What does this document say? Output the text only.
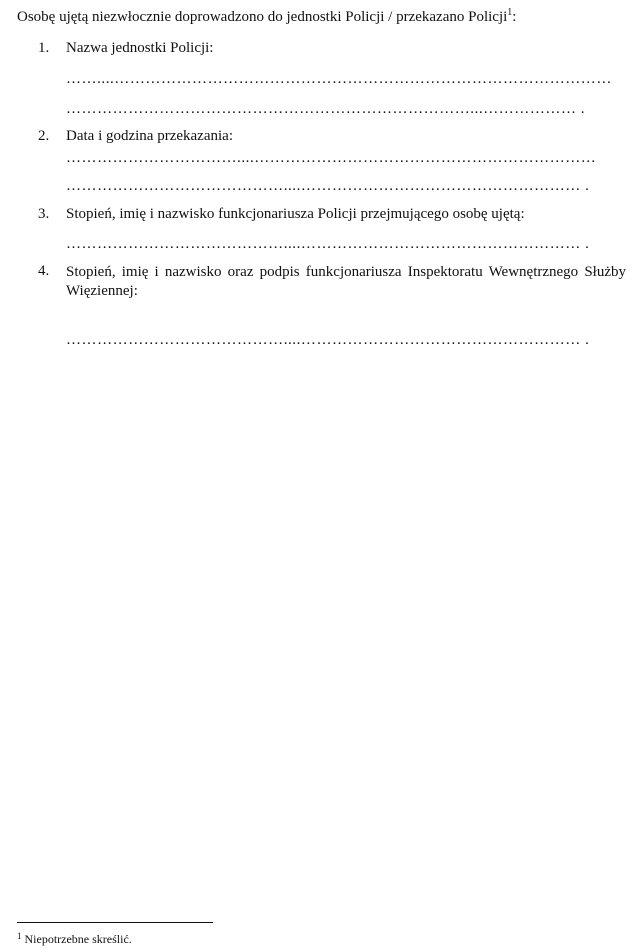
Osobę ujętą niezwłocznie doprowadzono do jednostki Policji / przekazano Policji$^1$:
1. Nazwa jednostki Policji:
……....……………………………………………………………………………………
……………………………………………………………………...……………… .
2. Data i godzina przekazania:
……………………………....…………………………………………………………
……………………………………....……………………………………………… .
3. Stopień, imię i nazwisko funkcjonariusza Policji przejmującego osobę ujętą:
……………………………………....……………………………………………… .
4. Stopień, imię i nazwisko oraz podpis funkcjonariusza Inspektoratu Wewnętrznego Służby Więziennej:
……………………………………....……………………………………………… .
$^1$ Niepotrzebne skreślić.
